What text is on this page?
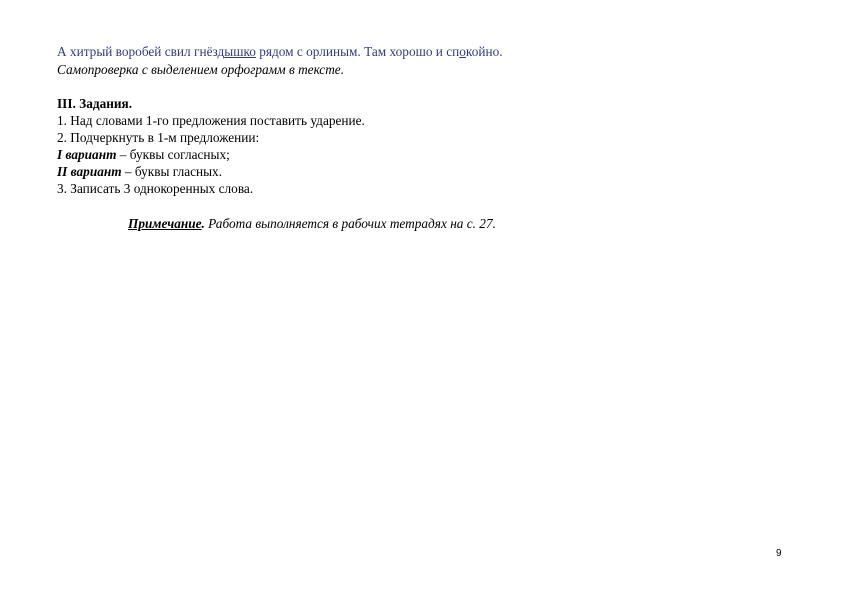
А хитрый воробей свил гнёздышко рядом с орлиным. Там хорошо и спокойно.
Самопроверка с выделением орфограмм в тексте.
III. Задания.
1. Над словами 1-го предложения поставить ударение.
2. Подчеркнуть в 1-м предложении:
I вариант – буквы согласных;
II вариант – буквы гласных.
3. Записать 3 однокоренных слова.
Примечание. Работа выполняется в рабочих тетрадях на с. 27.
9
